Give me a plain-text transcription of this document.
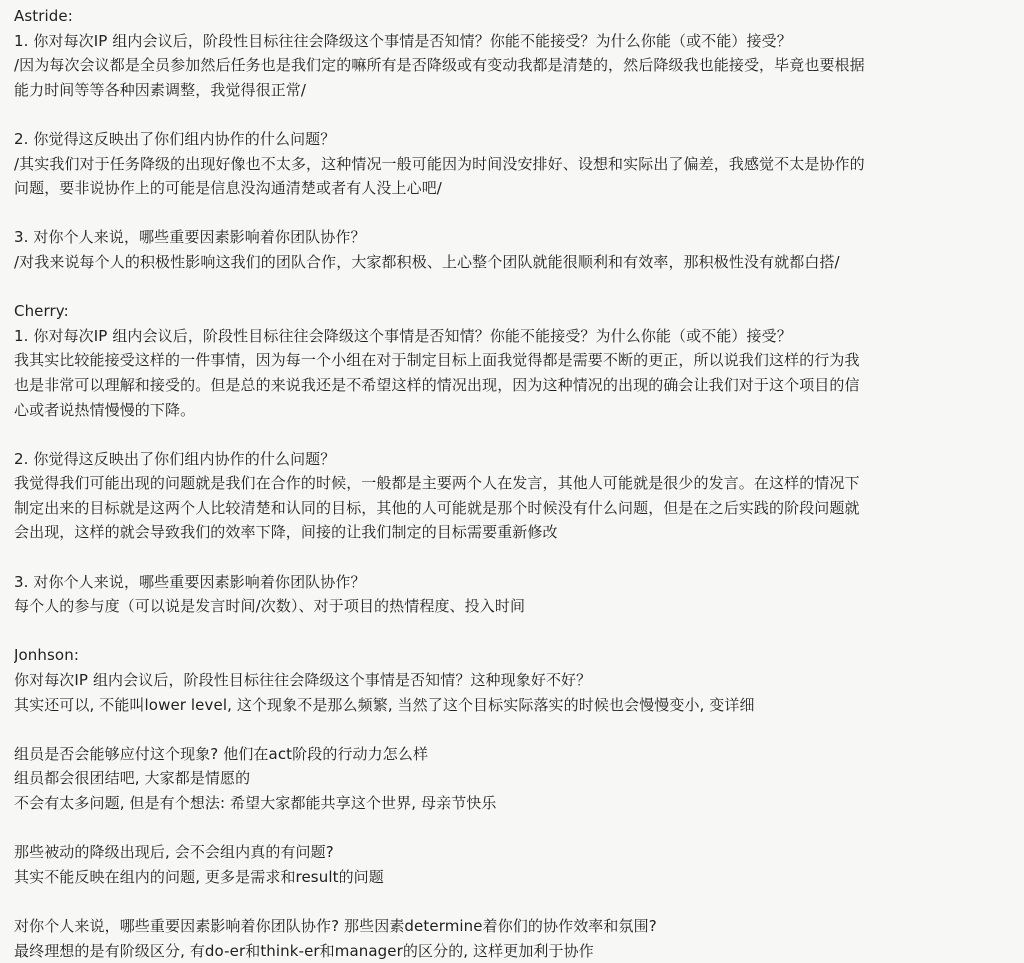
Astride:
1. 你对每次IP 组内会议后，阶段性目标往往会降级这个事情是否知情？你能不能接受？为什么你能（或不能）接受？
/因为每次会议都是全员参加然后任务也是我们定的嘛所有是否降级或有变动我都是清楚的，然后降级我也能接受，毕竟也要根据
能力时间等等各种因素调整，我觉得很正常/
2. 你觉得这反映出了你们组内协作的什么问题？
/其实我们对于任务降级的出现好像也不太多，这种情况一般可能因为时间没安排好、设想和实际出了偏差，我感觉不太是协作的
问题，要非说协作上的可能是信息没沟通清楚或者有人没上心吧/
3. 对你个人来说，哪些重要因素影响着你团队协作？
/对我来说每个人的积极性影响这我们的团队合作，大家都积极、上心整个团队就能很顺利和有效率，那积极性没有就都白搭/
Cherry:
1. 你对每次IP 组内会议后，阶段性目标往往会降级这个事情是否知情？你能不能接受？为什么你能（或不能）接受？
我其实比较能接受这样的一件事情，因为每一个小组在对于制定目标上面我觉得都是需要不断的更正，所以说我们这样的行为我
也是非常可以理解和接受的。但是总的来说我还是不希望这样的情况出现，因为这种情况的出现的确会让我们对于这个项目的信
心或者说热情慢慢的下降。
2. 你觉得这反映出了你们组内协作的什么问题？
我觉得我们可能出现的问题就是我们在合作的时候，一般都是主要两个人在发言，其他人可能就是很少的发言。在这样的情况下
制定出来的目标就是这两个人比较清楚和认同的目标，其他的人可能就是那个时候没有什么问题，但是在之后实践的阶段问题就
会出现，这样的就会导致我们的效率下降，间接的让我们制定的目标需要重新修改
3. 对你个人来说，哪些重要因素影响着你团队协作？
每个人的参与度（可以说是发言时间/次数）、对于项目的热情程度、投入时间
Jonhson:
你对每次IP 组内会议后，阶段性目标往往会降级这个事情是否知情？这种现象好不好？
其实还可以, 不能叫lower level, 这个现象不是那么频繁, 当然了这个目标实际落实的时候也会慢慢变小, 变详细
组员是否会能够应付这个现象? 他们在act阶段的行动力怎么样
组员都会很团结吧, 大家都是情愿的
不会有太多问题, 但是有个想法: 希望大家都能共享这个世界, 母亲节快乐
那些被动的降级出现后, 会不会组内真的有问题?
其实不能反映在组内的问题, 更多是需求和result的问题
对你个人来说，哪些重要因素影响着你团队协作? 那些因素determine着你们的协作效率和氛围?
最终理想的是有阶级区分, 有do-er和think-er和manager的区分的, 这样更加利于协作
